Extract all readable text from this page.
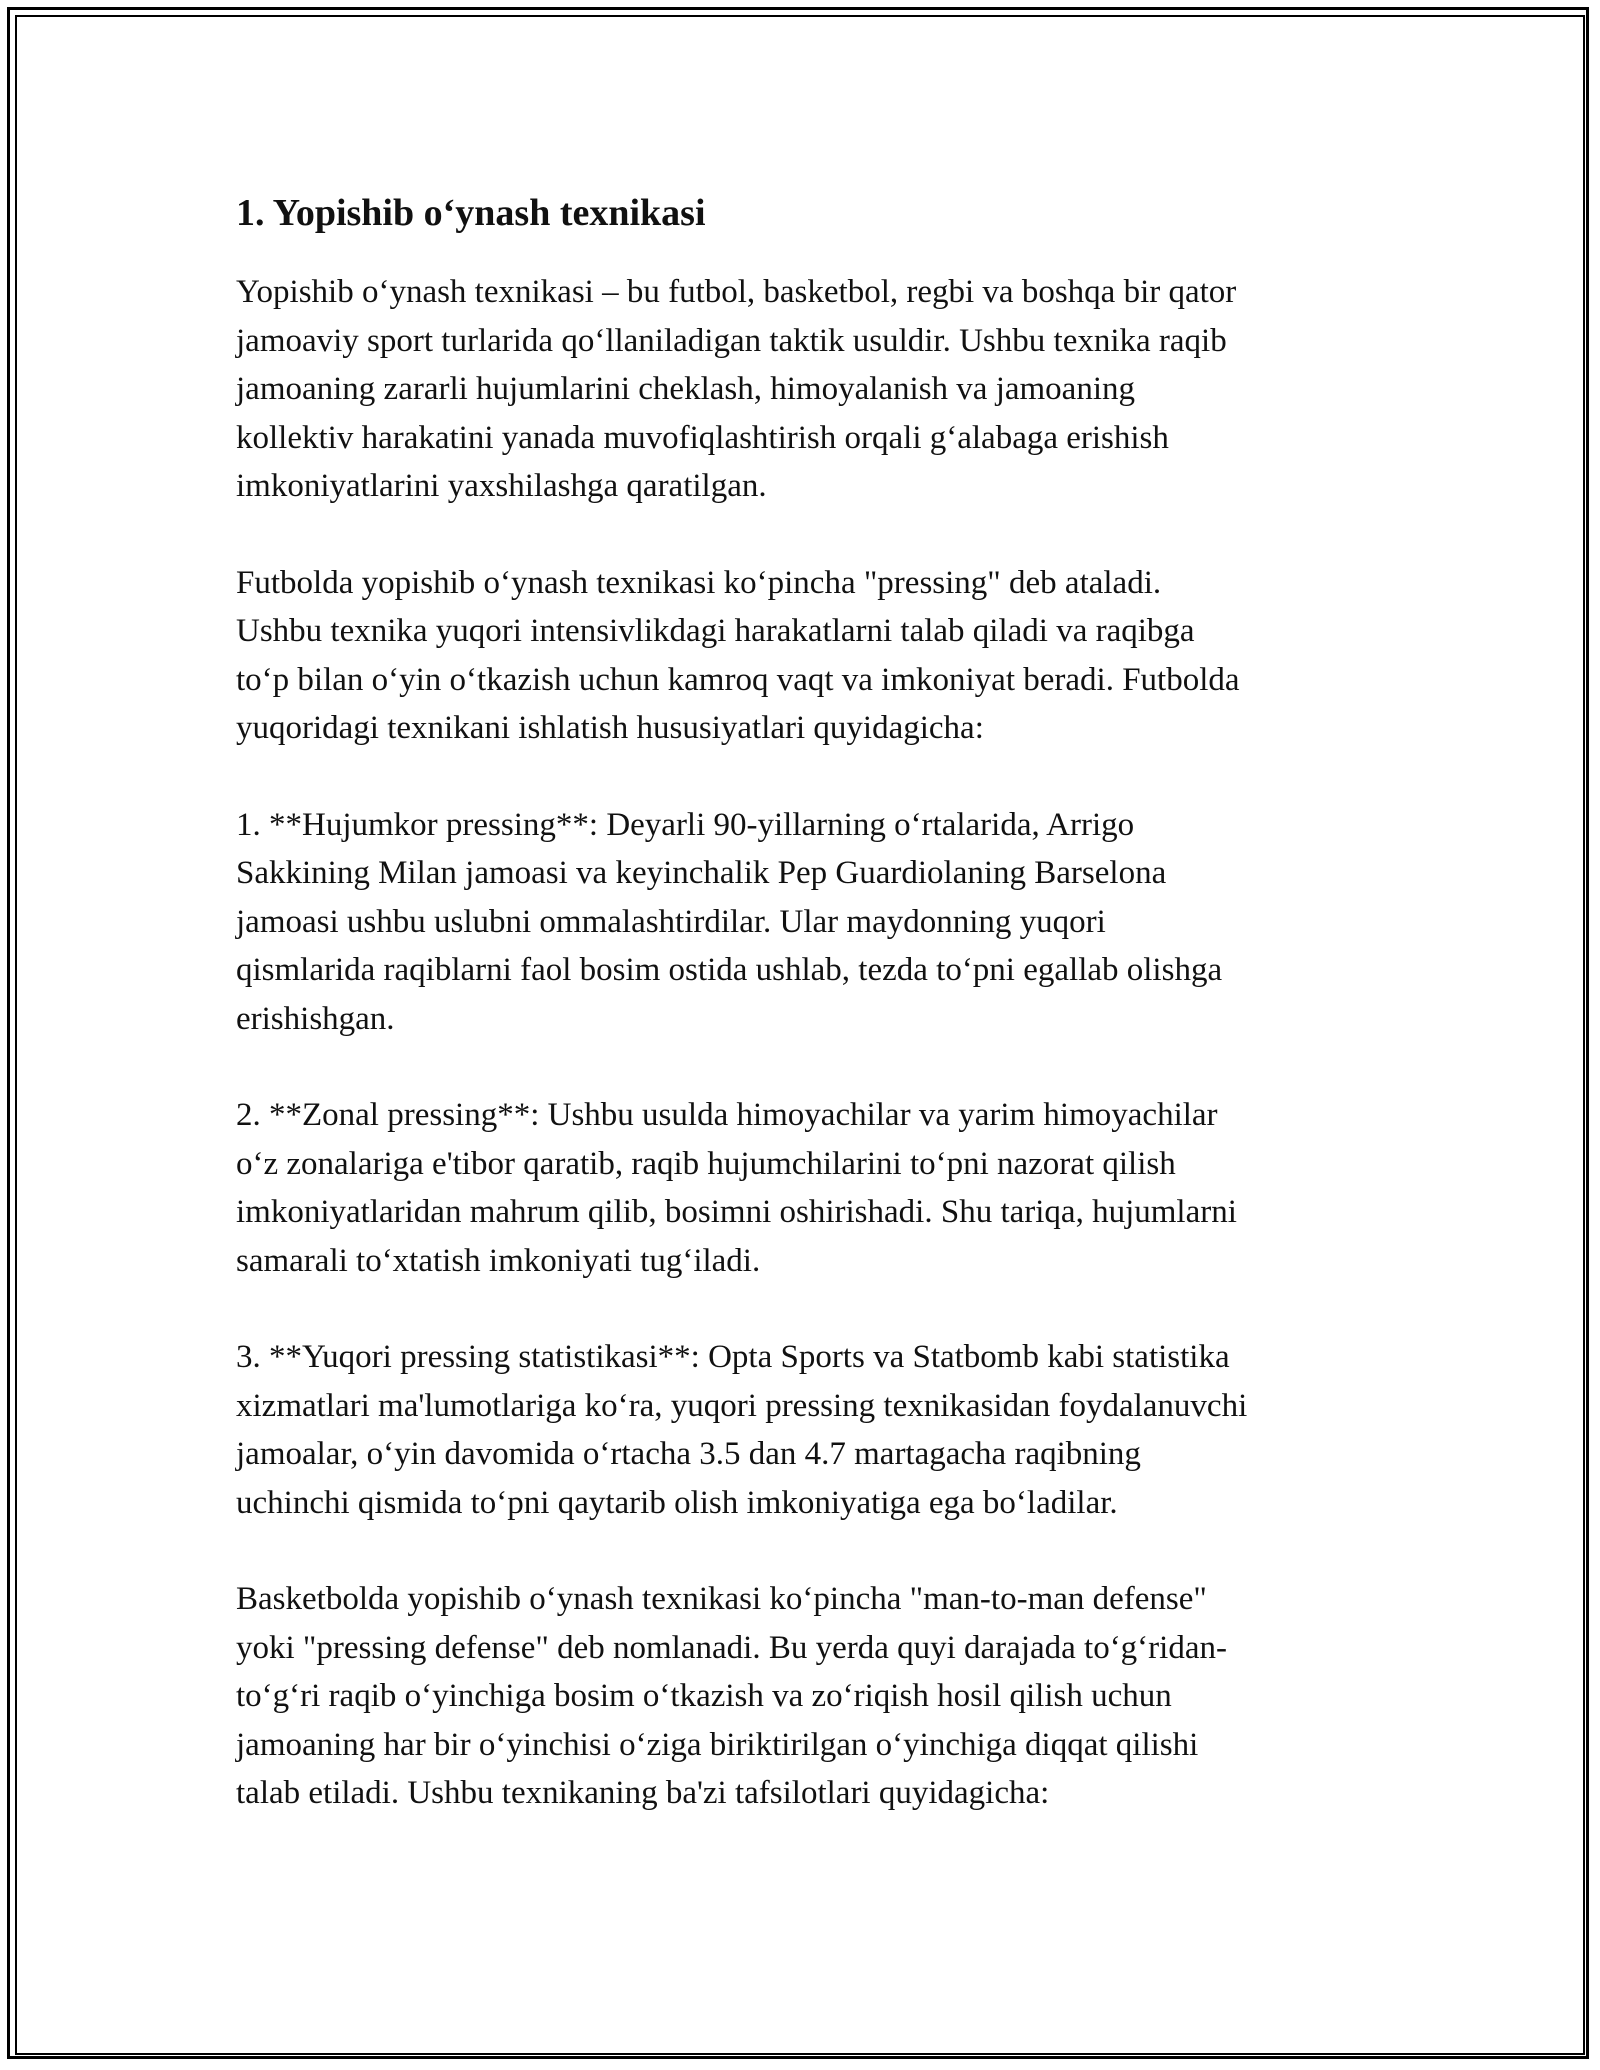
1. Yopishib o‘ynash texnikasi

Yopishib o‘ynash texnikasi – bu futbol, basketbol, regbi va boshqa bir qator
jamoaviy sport turlarida qo‘llaniladigan taktik usuldir. Ushbu texnika raqib
jamoaning zararli hujumlarini cheklash, himoyalanish va jamoaning
kollektiv harakatini yanada muvofiqlashtirish orqali g‘alabaga erishish
imkoniyatlarini yaxshilashga qaratilgan.

Futbolda yopishib o‘ynash texnikasi ko‘pincha "pressing" deb ataladi.
Ushbu texnika yuqori intensivlikdagi harakatlarni talab qiladi va raqibga
to‘p bilan o‘yin o‘tkazish uchun kamroq vaqt va imkoniyat beradi. Futbolda
yuqoridagi texnikani ishlatish hususiyatlari quyidagicha:

1. **Hujumkor pressing**: Deyarli 90-yillarning o‘rtalarida, Arrigo
Sakkining Milan jamoasi va keyinchalik Pep Guardiolaning Barselona
jamoasi ushbu uslubni ommalashtirdilar. Ular maydonning yuqori
qismlarida raqiblarni faol bosim ostida ushlab, tezda to‘pni egallab olishga
erishishgan.

2. **Zonal pressing**: Ushbu usulda himoyachilar va yarim himoyachilar
o‘z zonalariga e'tibor qaratib, raqib hujumchilarini to‘pni nazorat qilish
imkoniyatlaridan mahrum qilib, bosimni oshirishadi. Shu tariqa, hujumlarni
samarali to‘xtatish imkoniyati tug‘iladi.

3. **Yuqori pressing statistikasi**: Opta Sports va Statbomb kabi statistika
xizmatlari ma'lumotlariga ko‘ra, yuqori pressing texnikasidan foydalanuvchi
jamoalar, o‘yin davomida o‘rtacha 3.5 dan 4.7 martagacha raqibning
uchinchi qismida to‘pni qaytarib olish imkoniyatiga ega bo‘ladilar.

Basketbolda yopishib o‘ynash texnikasi ko‘pincha "man-to-man defense"
yoki "pressing defense" deb nomlanadi. Bu yerda quyi darajada to‘g‘ridan-
to‘g‘ri raqib o‘yinchiga bosim o‘tkazish va zo‘riqish hosil qilish uchun
jamoaning har bir o‘yinchisi o‘ziga biriktirilgan o‘yinchiga diqqat qilishi
talab etiladi. Ushbu texnikaning ba'zi tafsilotlari quyidagicha:
